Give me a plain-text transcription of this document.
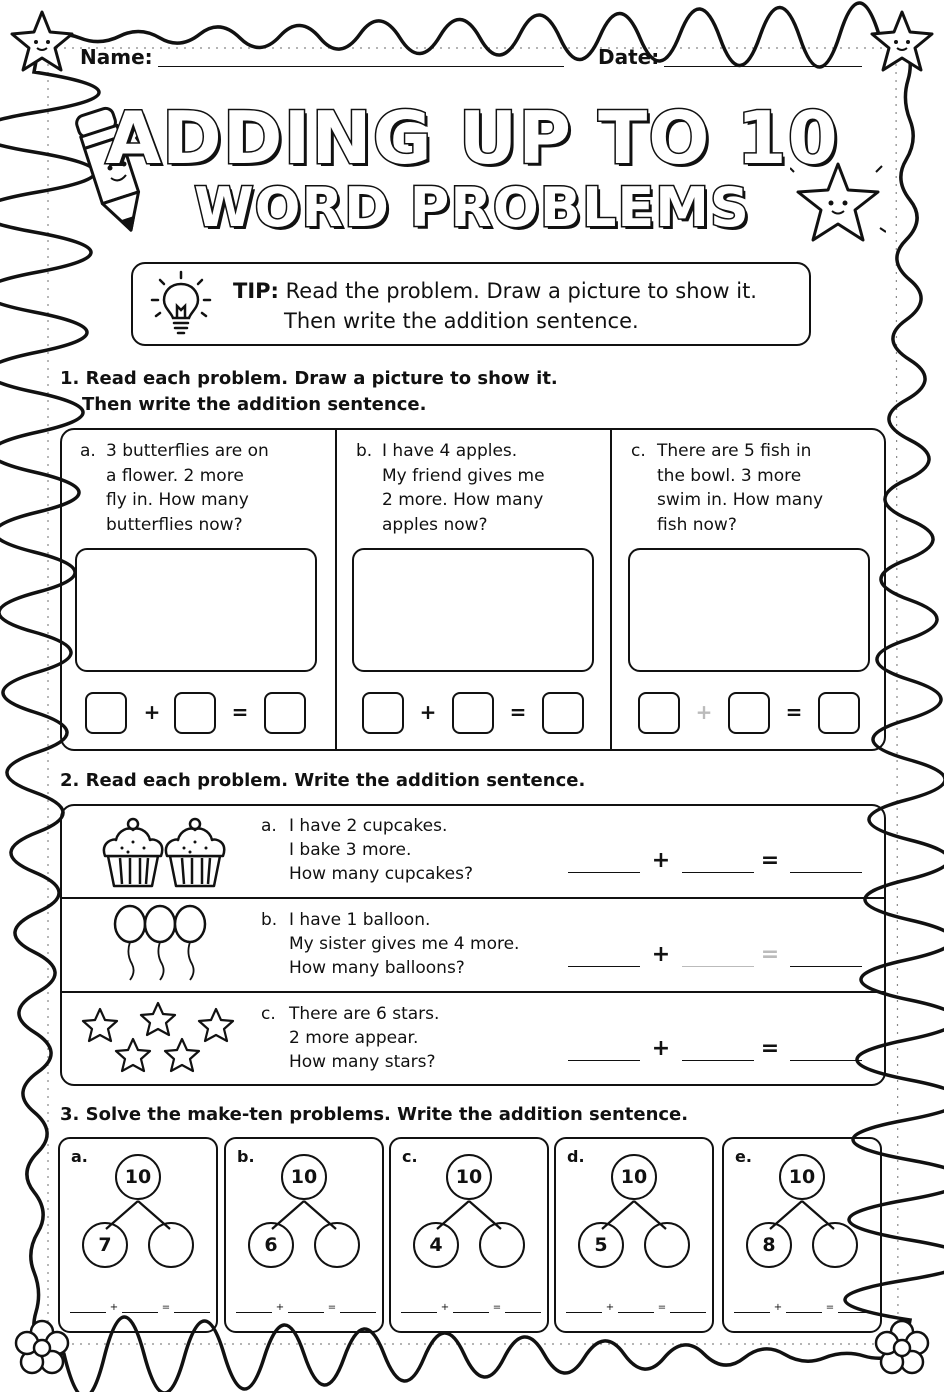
Name:	Date:
ADDING UP TO 10
WORD PROBLEMS
TIP: Read the problem. Draw a picture to show it.
Then write the addition sentence.
1. Read each problem. Draw a picture to show it.
Then write the addition sentence.
a. 3 butterflies are on
a flower. 2 more
fly in. How many
butterflies now?
+	=
b. I have 4 apples.
My friend gives me
2 more. How many
apples now?
+	=
c. There are 5 fish in
the bowl. 3 more
swim in. How many
fish now?
+	=
2. Read each problem. Write the addition sentence.
a. I have 2 cupcakes.
I bake 3 more.
How many cupcakes?
+	=
b. I have 1 balloon.
My sister gives me 4 more.
How many balloons?
+	=
c. There are 6 stars.
2 more appear.
How many stars?
+	=
3. Solve the make-ten problems. Write the addition sentence.
a.
10
7
+	=
b.
10
6
+	=
c.
10
4
+	=
d.
10
5
+	=
e.
10
8
+	=
